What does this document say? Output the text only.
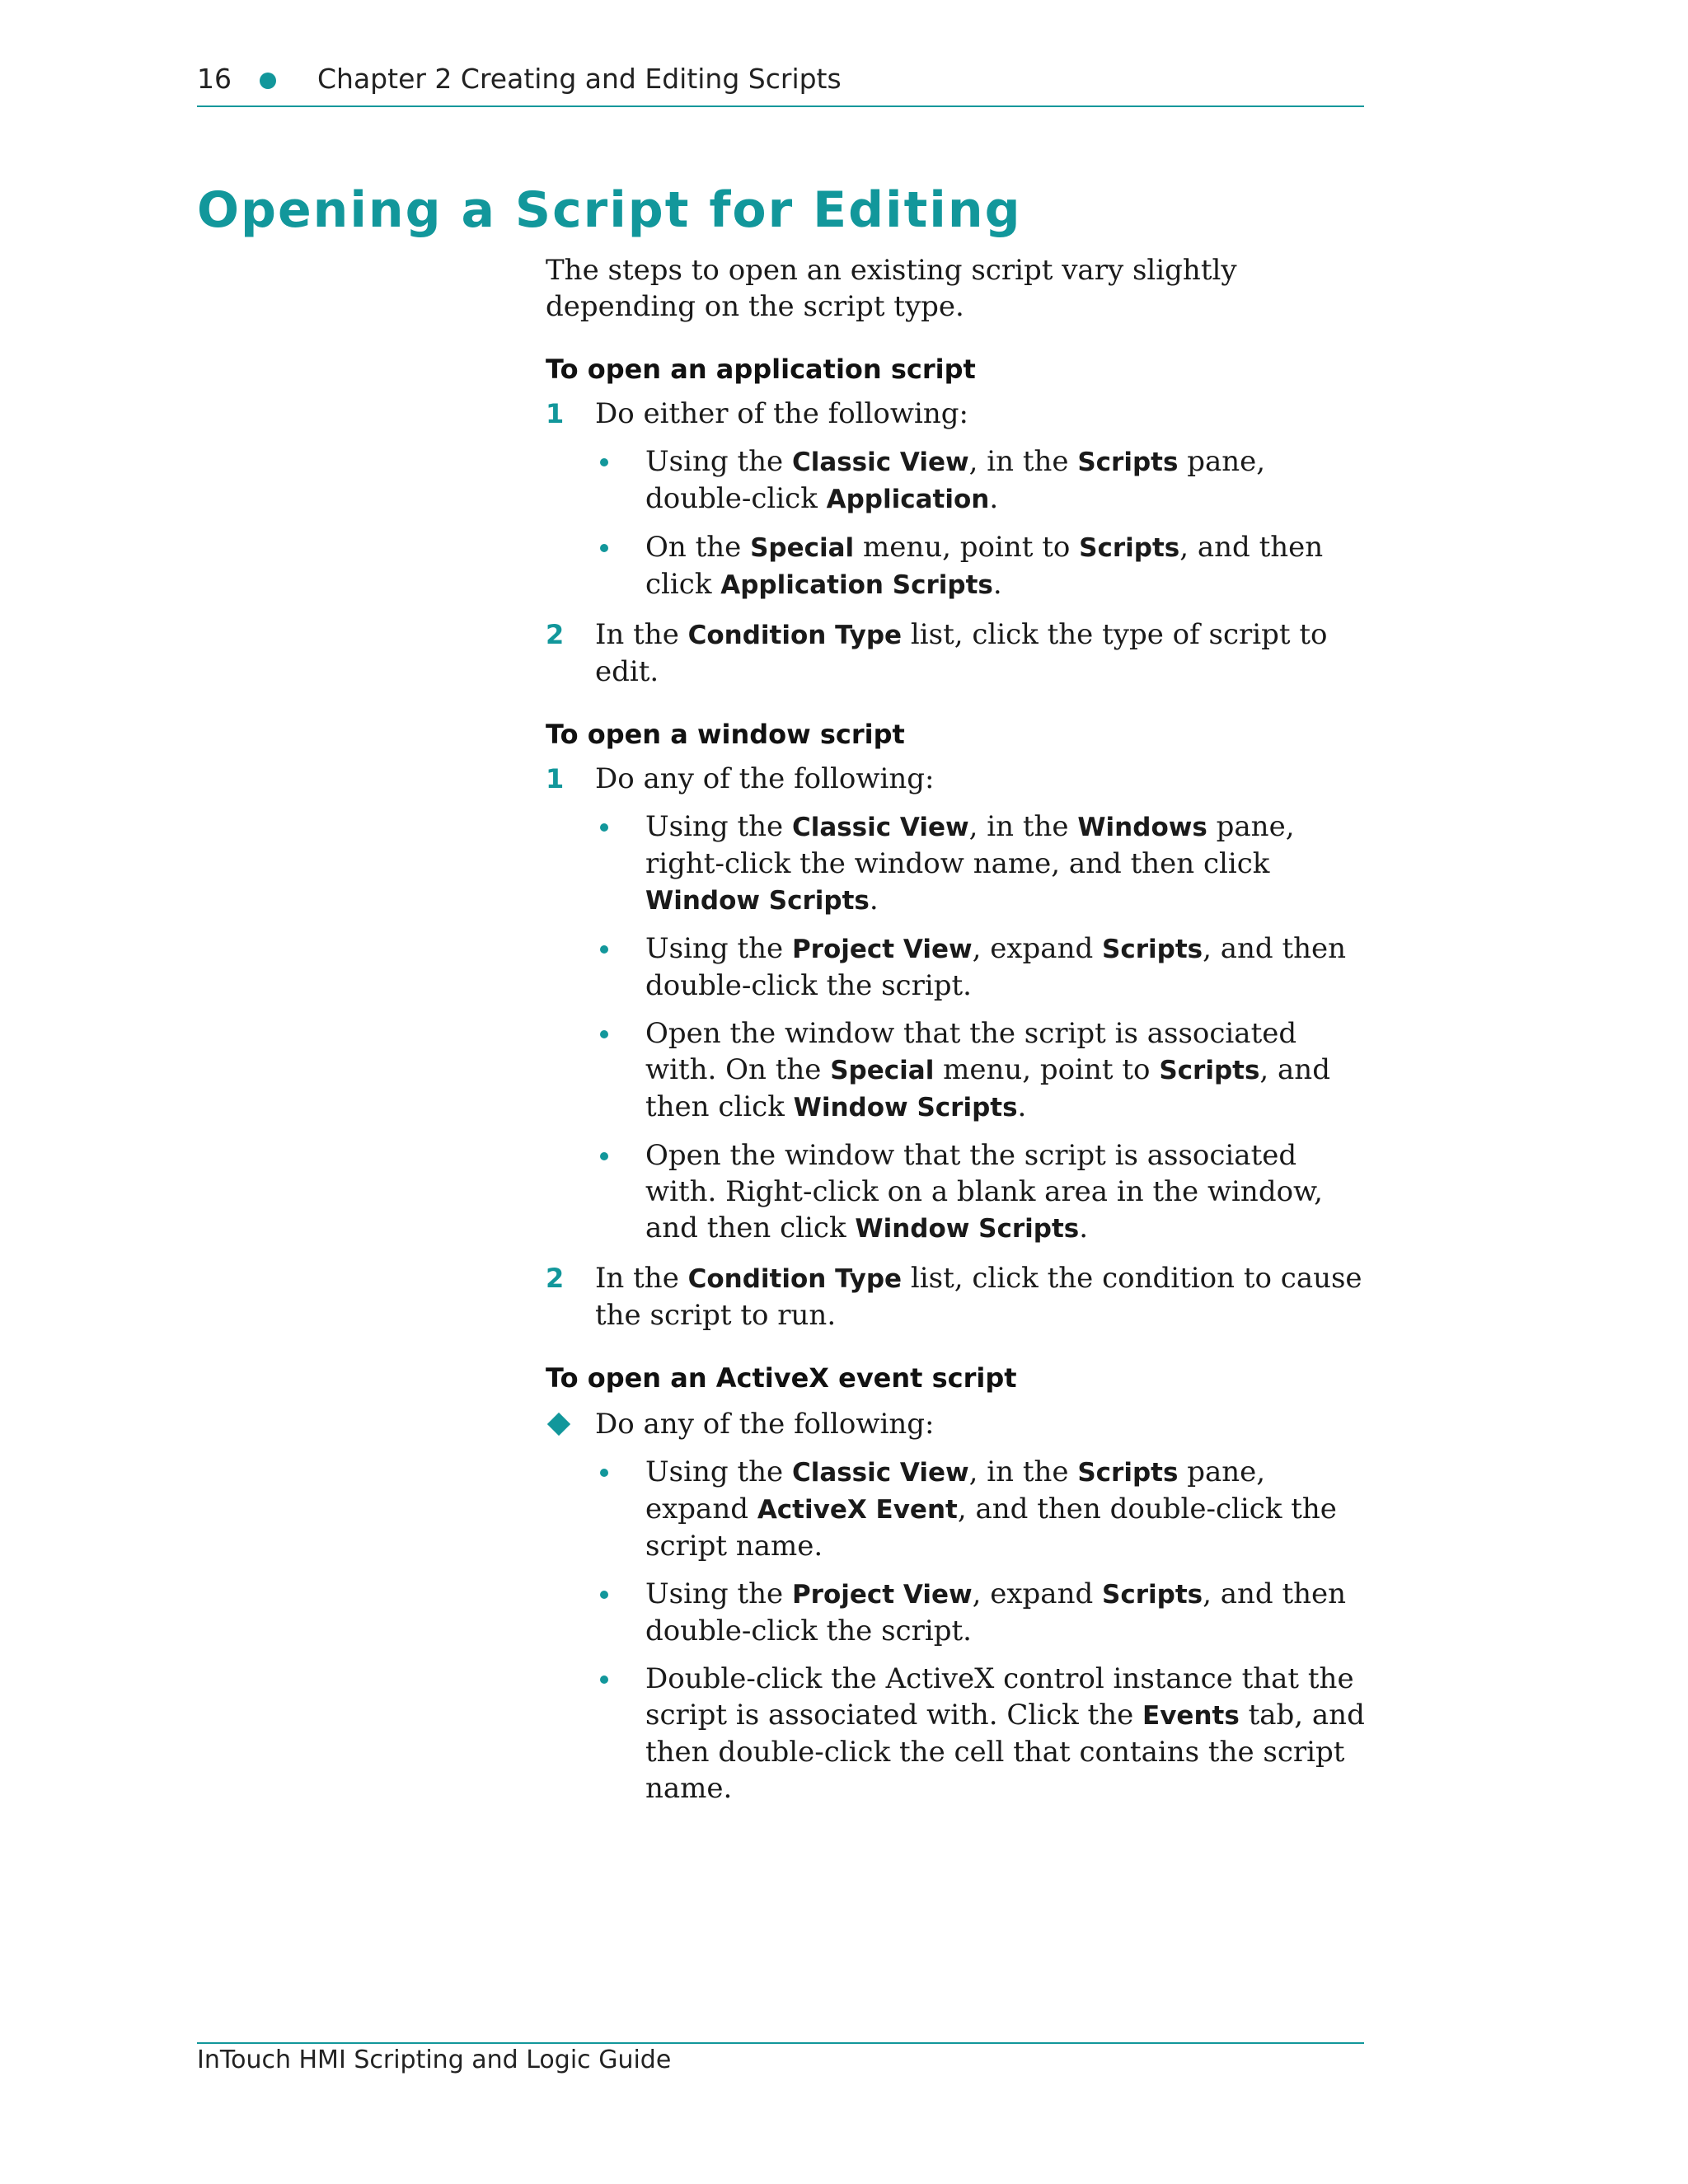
16	Chapter 2 Creating and Editing Scripts
Opening a Script for Editing

The steps to open an existing script vary slightly depending on the script type.

To open an application script
1 Do either of the following:
Using the Classic View, in the Scripts pane, double-click Application.
On the Special menu, point to Scripts, and then click Application Scripts.
2 In the Condition Type list, click the type of script to edit.
To open a window script
1 Do any of the following:
Using the Classic View, in the Windows pane, right-click the window name, and then click Window Scripts.
Using the Project View, expand Scripts, and then double-click the script.
Open the window that the script is associated with. On the Special menu, point to Scripts, and then click Window Scripts.
Open the window that the script is associated with. Right-click on a blank area in the window, and then click Window Scripts.
2 In the Condition Type list, click the condition to cause the script to run.
To open an ActiveX event script
Do any of the following:
Using the Classic View, in the Scripts pane, expand ActiveX Event, and then double-click the script name.
Using the Project View, expand Scripts, and then double-click the script.
Double-click the ActiveX control instance that the script is associated with. Click the Events tab, and then double-click the cell that contains the script name.
InTouch HMI Scripting and Logic Guide
